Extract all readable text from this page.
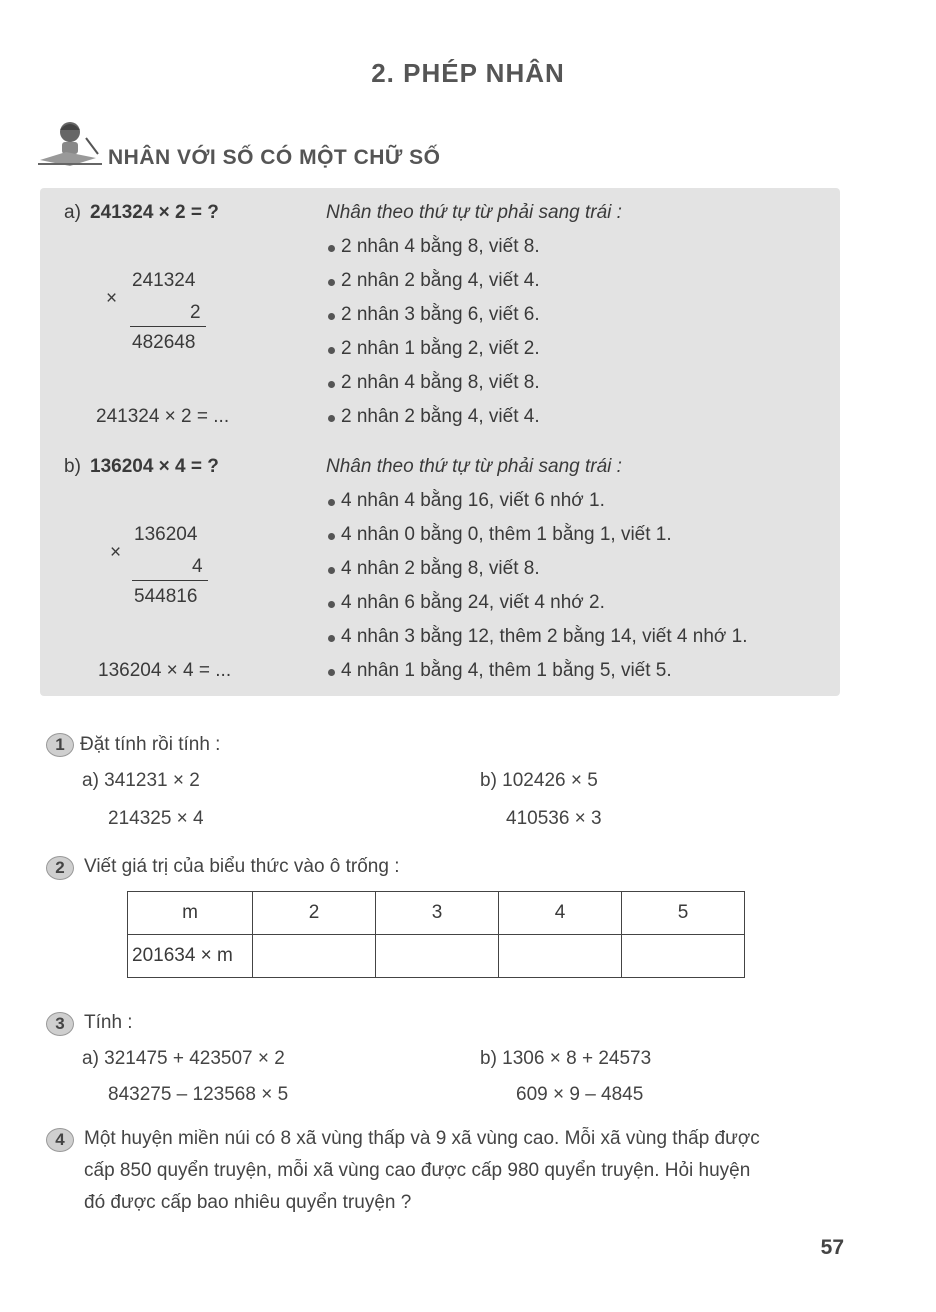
2. PHÉP NHÂN
NHÂN VỚI SỐ CÓ MỘT CHỮ SỐ
a) 241324 × 2 = ?
241324
×
2
482648
241324 × 2 = ...
Nhân theo thứ tự từ phải sang trái :
2 nhân 4 bằng 8, viết 8.
2 nhân 2 bằng 4, viết 4.
2 nhân 3 bằng 6, viết 6.
2 nhân 1 bằng 2, viết 2.
2 nhân 4 bằng 8, viết 8.
2 nhân 2 bằng 4, viết 4.
b) 136204 × 4 = ?
136204
×
4
544816
136204 × 4 = ...
Nhân theo thứ tự từ phải sang trái :
4 nhân 4 bằng 16, viết 6 nhớ 1.
4 nhân 0 bằng 0, thêm 1 bằng 1, viết 1.
4 nhân 2 bằng 8, viết 8.
4 nhân 6 bằng 24, viết 4 nhớ 2.
4 nhân 3 bằng 12, thêm 2 bằng 14, viết 4 nhớ 1.
4 nhân 1 bằng 4, thêm 1 bằng 5, viết 5.
1 Đặt tính rồi tính :
a) 341231 × 2
214325 × 4
b) 102426 × 5
410536 × 3
2	Viết giá trị của biểu thức vào ô trống :
m	2	3	4	5
201634 × m				
3	Tính :
a) 321475 + 423507 × 2
843275 – 123568 × 5
b) 1306 × 8 + 24573
609 × 9 – 4845
4	Một huyện miền núi có 8 xã vùng thấp và 9 xã vùng cao. Mỗi xã vùng thấp được
cấp 850 quyển truyện, mỗi xã vùng cao được cấp 980 quyển truyện. Hỏi huyện
đó được cấp bao nhiêu quyển truyện ?
57
